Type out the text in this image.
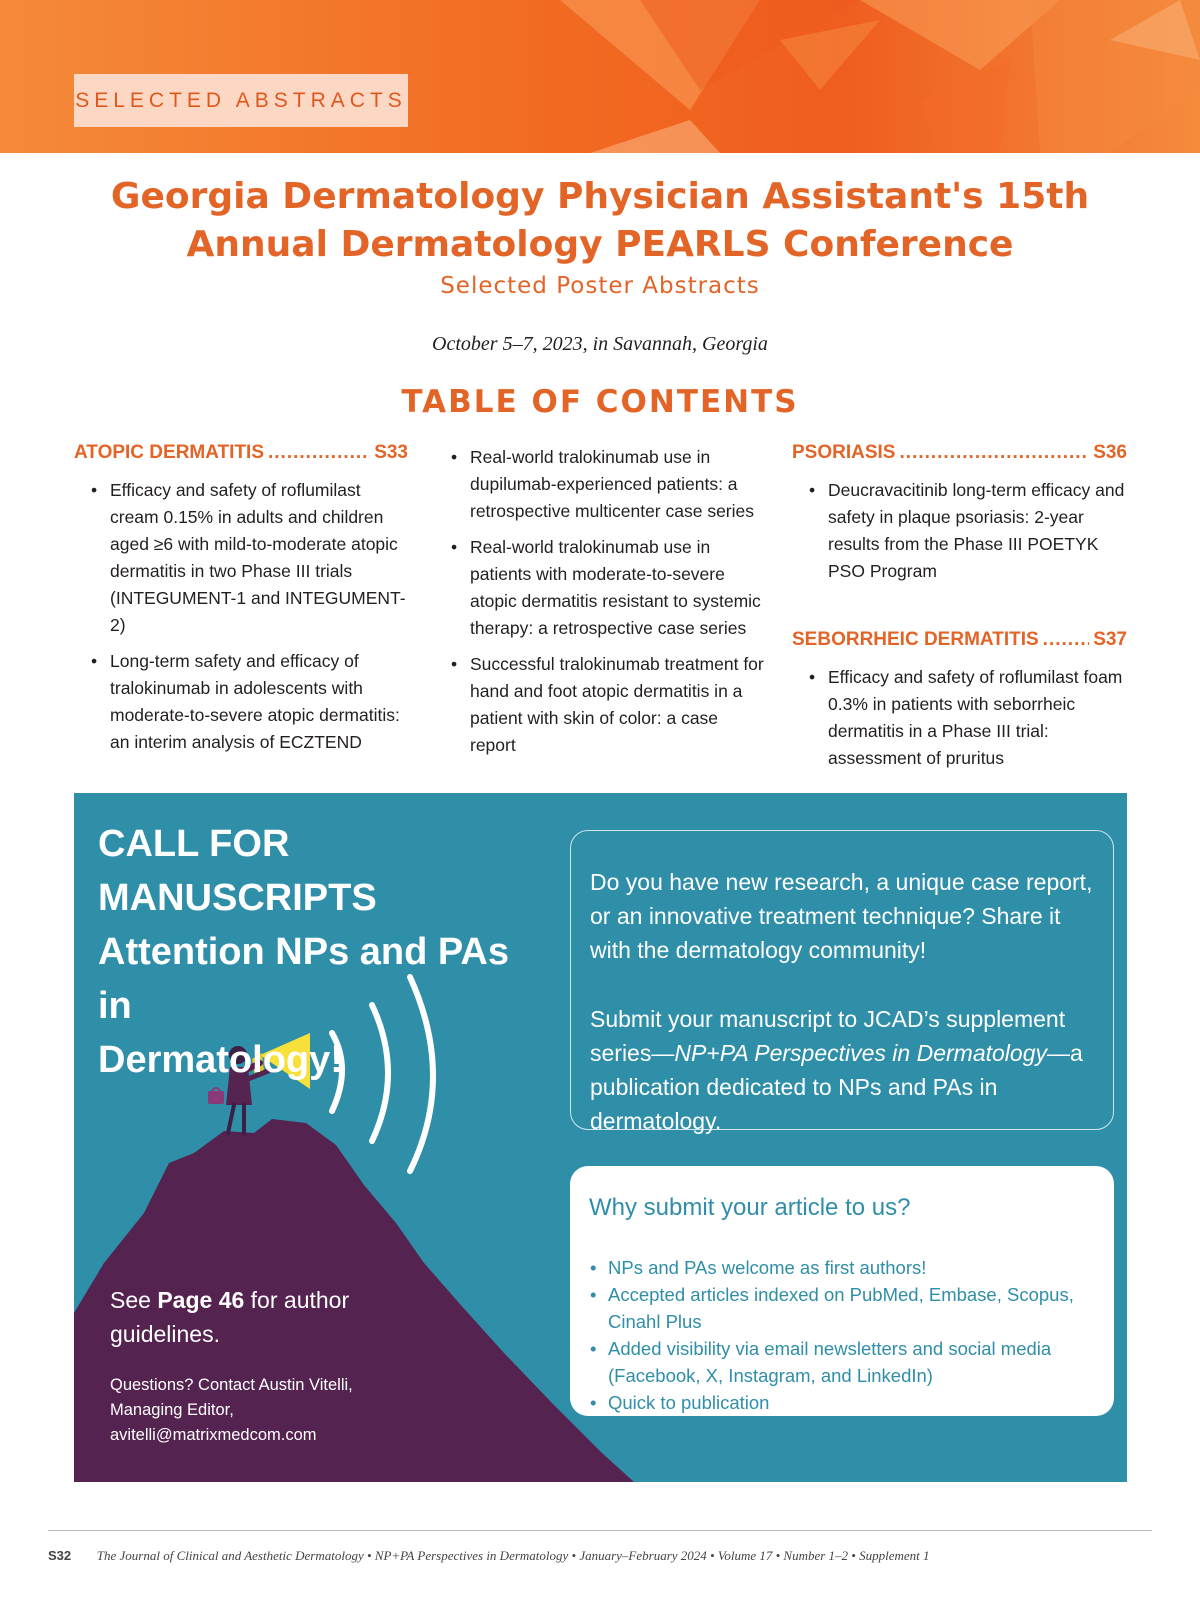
SELECTED ABSTRACTS
Georgia Dermatology Physician Assistant's 15th
Annual Dermatology PEARLS Conference
Selected Poster Abstracts
October 5–7, 2023, in Savannah, Georgia
TABLE OF CONTENTS
ATOPIC DERMATITIS .....	S33
• Efficacy and safety of roflumilast cream 0.15% in adults and children aged ≥6 with mild-to-moderate atopic dermatitis in two Phase III trials (INTEGUMENT-1 and INTEGUMENT-2)
• Long-term safety and efficacy of tralokinumab in adolescents with moderate-to-severe atopic dermatitis: an interim analysis of ECZTEND
• Real-world tralokinumab use in dupilumab-experienced patients: a retrospective multicenter case series
• Real-world tralokinumab use in patients with moderate-to-severe atopic dermatitis resistant to systemic therapy: a retrospective case series
• Successful tralokinumab treatment for hand and foot atopic dermatitis in a patient with skin of color: a case report
PSORIASIS .....	S36
• Deucravacitinib long-term efficacy and safety in plaque psoriasis: 2-year results from the Phase III POETYK PSO Program
SEBORRHEIC DERMATITIS .....	S37
• Efficacy and safety of roflumilast foam 0.3% in patients with seborrheic dermatitis in a Phase III trial: assessment of pruritus
CALL FOR MANUSCRIPTS
Attention NPs and PAs in
Dermatology!

Do you have new research, a unique case report, or an innovative treatment technique? Share it with the dermatology community!

Submit your manuscript to JCAD’s supplement series—NP+PA Perspectives in Dermatology—a publication dedicated to NPs and PAs in dermatology.

Why submit your article to us?
• NPs and PAs welcome as first authors!
• Accepted articles indexed on PubMed, Embase, Scopus, Cinahl Plus
• Added visibility via email newsletters and social media (Facebook, X, Instagram, and LinkedIn)
• Quick to publication
See Page 46 for author guidelines.
Questions? Contact Austin Vitelli,
Managing Editor,
avitelli@matrixmedcom.com
S32 The Journal of Clinical and Aesthetic Dermatology • NP+PA Perspectives in Dermatology • January–February 2024 • Volume 17 • Number 1–2 • Supplement 1
